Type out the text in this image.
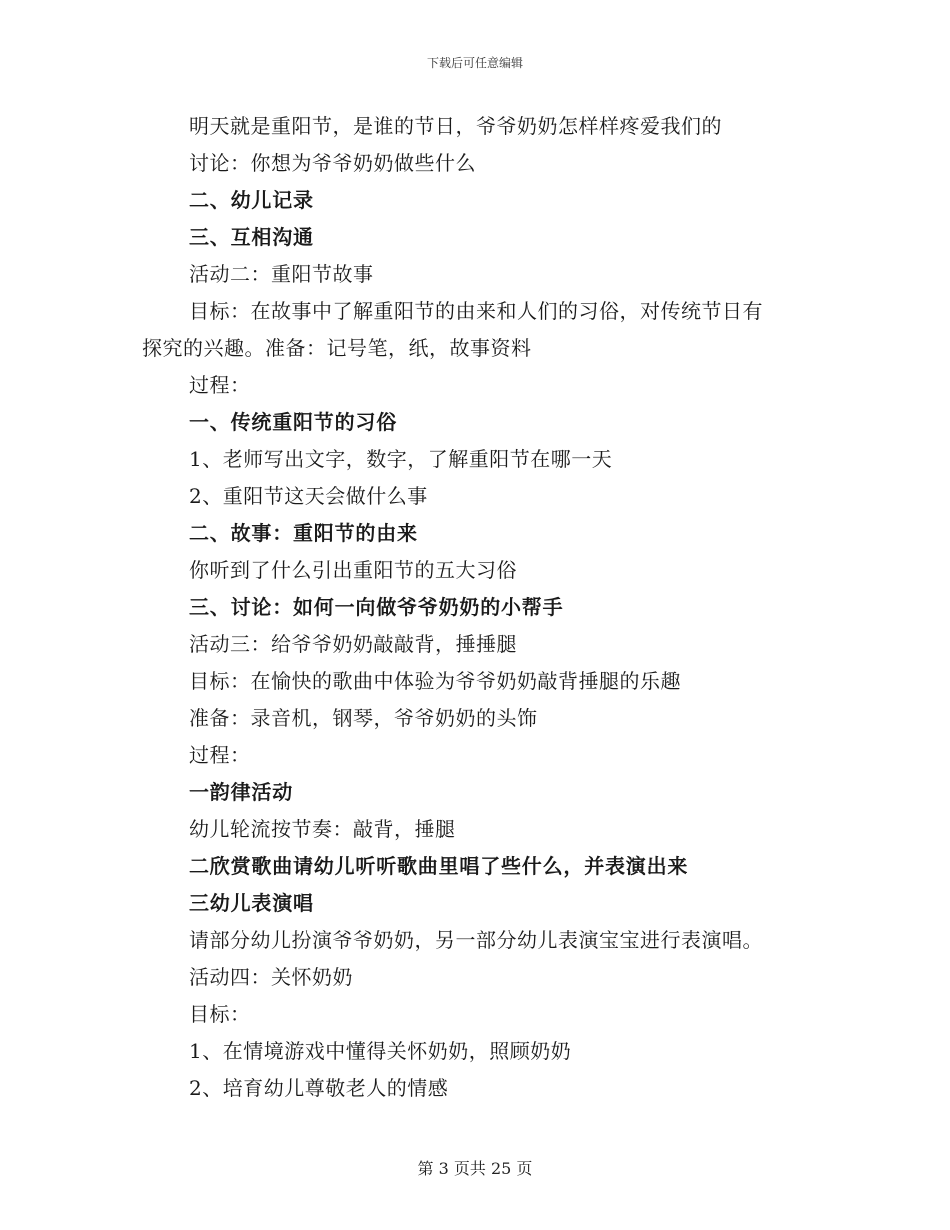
下载后可任意编辑
明天就是重阳节，是谁的节日，爷爷奶奶怎样样疼爱我们的
讨论：你想为爷爷奶奶做些什么
二、幼儿记录
三、互相沟通
活动二：重阳节故事
目标：在故事中了解重阳节的由来和人们的习俗，对传统节日有
探究的兴趣。准备：记号笔，纸，故事资料
过程：
一、传统重阳节的习俗
1、老师写出文字，数字，了解重阳节在哪一天
2、重阳节这天会做什么事
二、故事：重阳节的由来
你听到了什么引出重阳节的五大习俗
三、讨论：如何一向做爷爷奶奶的小帮手
活动三：给爷爷奶奶敲敲背，捶捶腿
目标：在愉快的歌曲中体验为爷爷奶奶敲背捶腿的乐趣
准备：录音机，钢琴，爷爷奶奶的头饰
过程：
一韵律活动
幼儿轮流按节奏：敲背，捶腿
二欣赏歌曲请幼儿听听歌曲里唱了些什么，并表演出来
三幼儿表演唱
请部分幼儿扮演爷爷奶奶，另一部分幼儿表演宝宝进行表演唱。
活动四：关怀奶奶
目标：
1、在情境游戏中懂得关怀奶奶，照顾奶奶
2、培育幼儿尊敬老人的情感
第 3 页共 25 页
